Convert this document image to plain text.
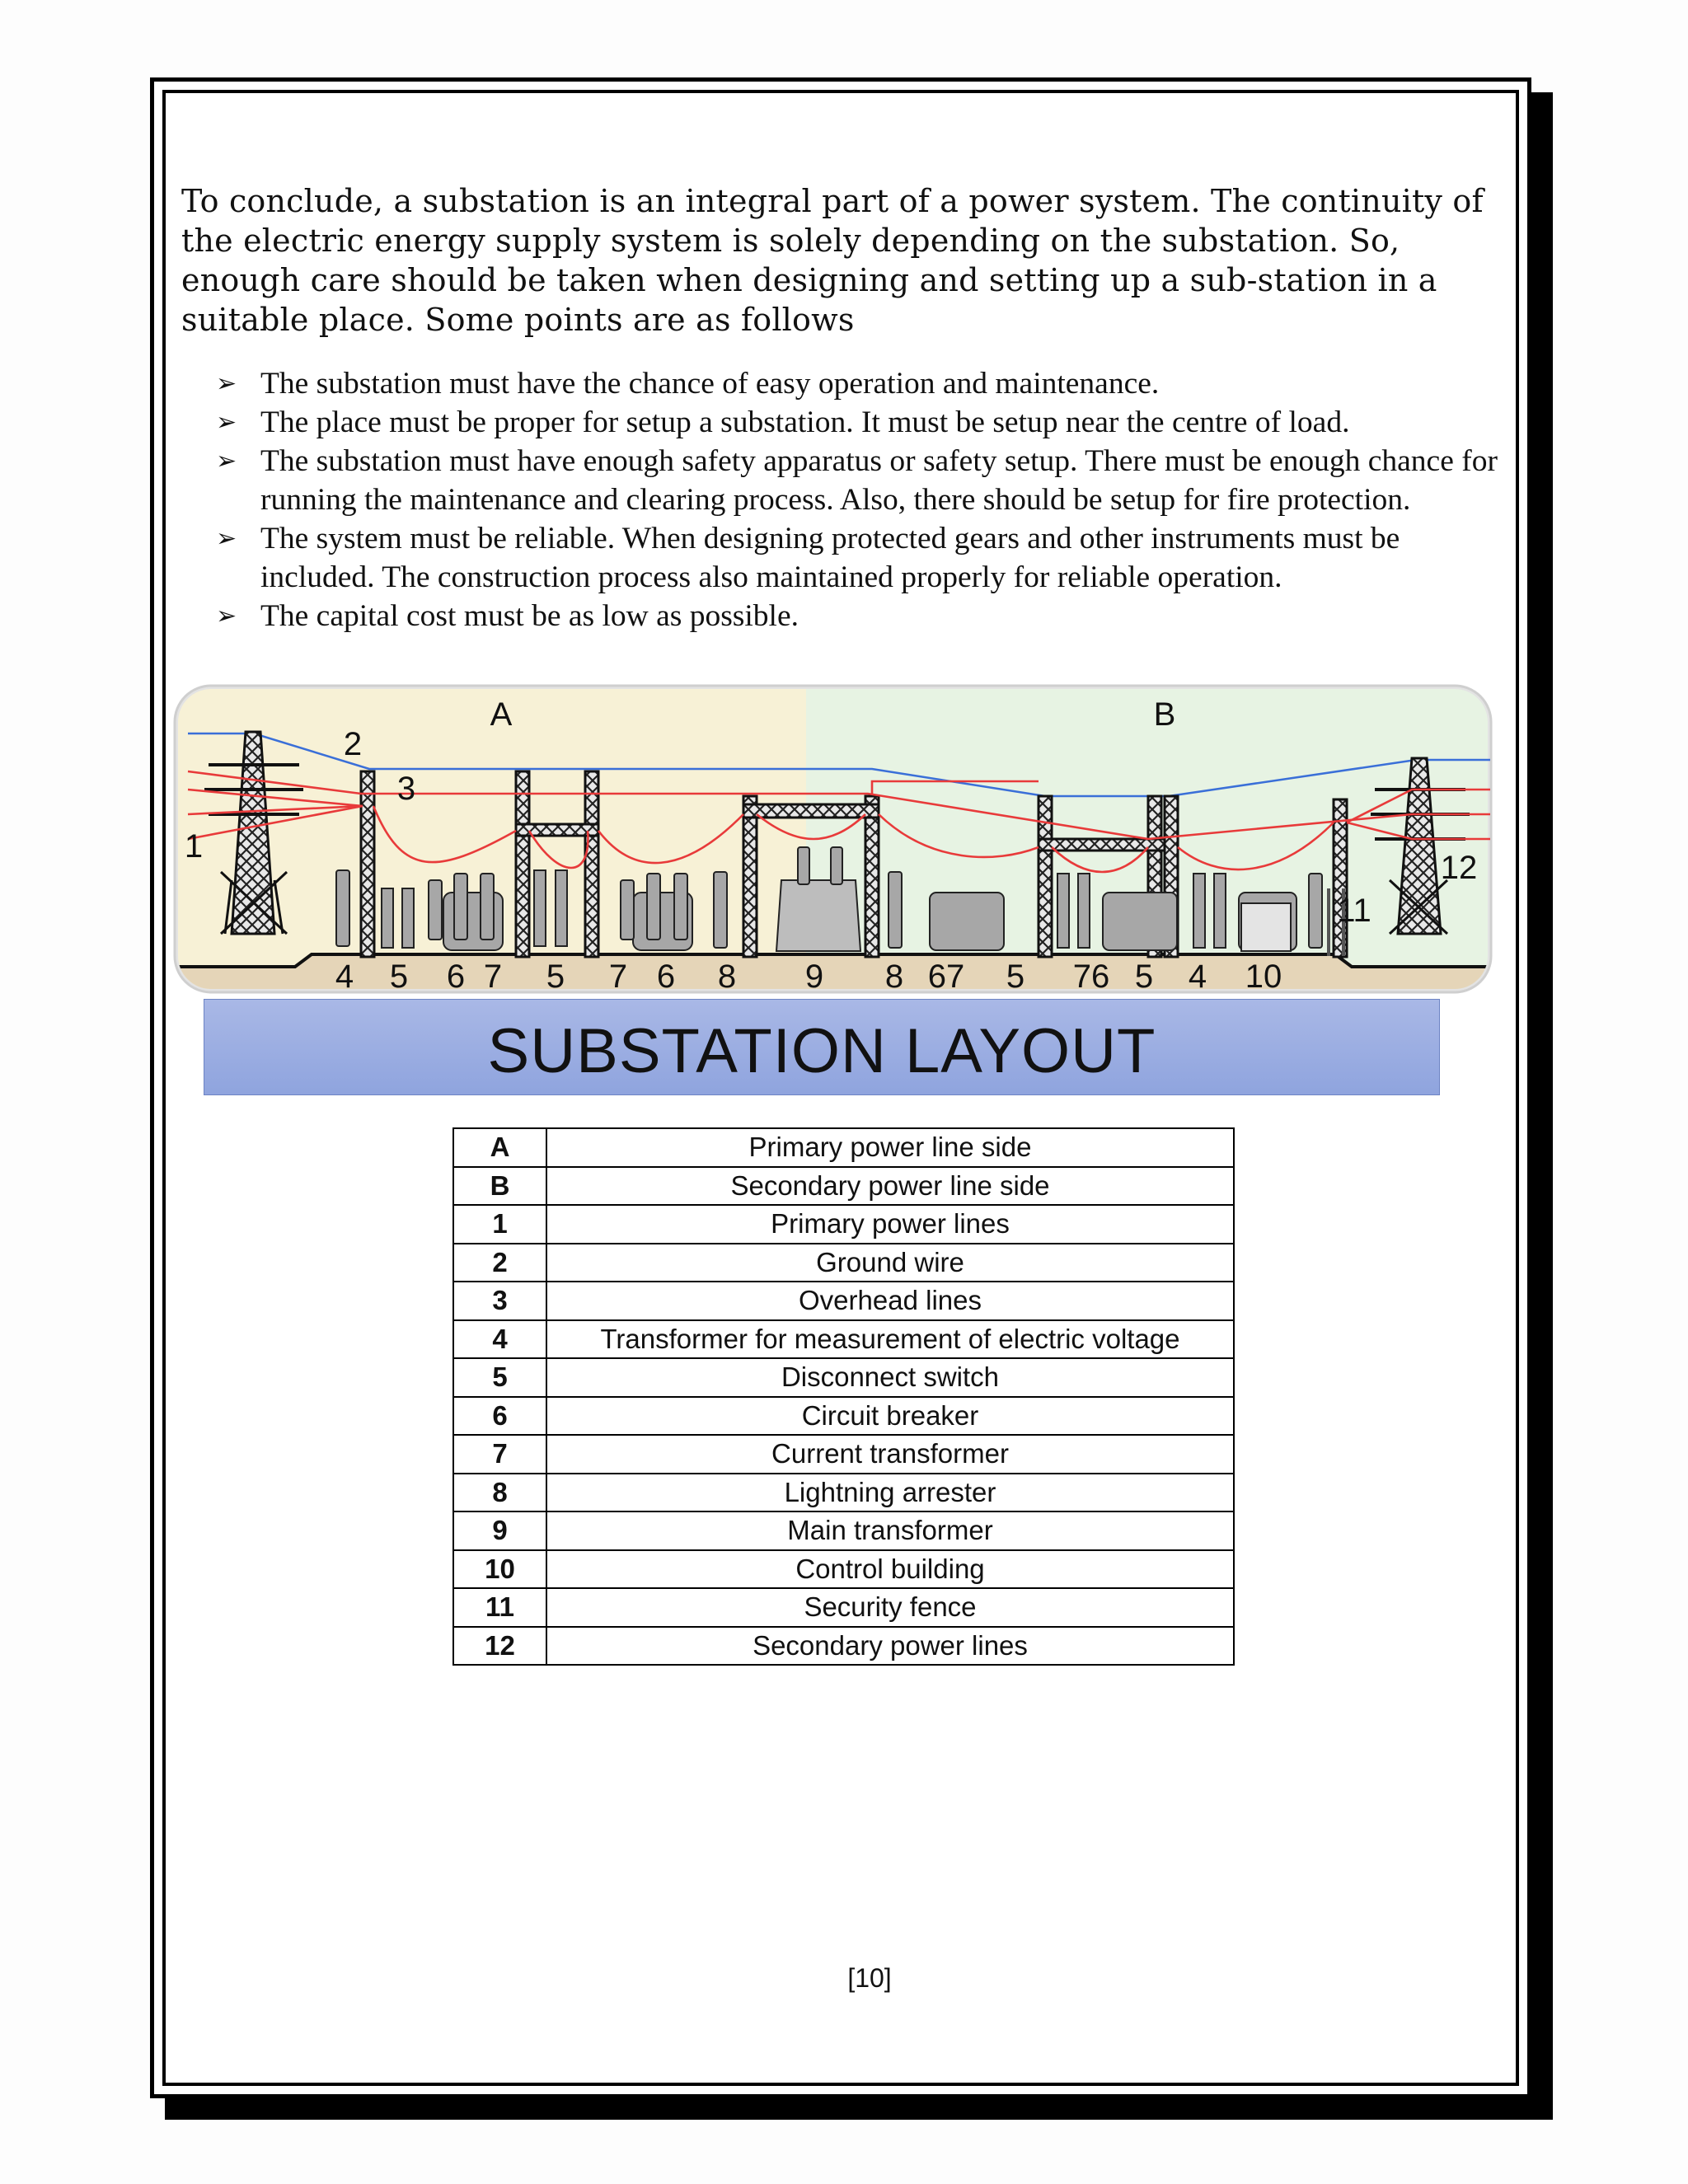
To conclude, a substation is an integral part of a power system. The continuity of the electric energy supply system is solely depending on the substation. So, enough care should be taken when designing and setting up a sub-station in a suitable place. Some points are as follows

➢ The substation must have the chance of easy operation and maintenance.
➢ The place must be proper for setup a substation. It must be setup near the centre of load.
➢ The substation must have enough safety apparatus or safety setup. There must be enough chance for running the maintenance and clearing process. Also, there should be setup for fire protection.
➢ The system must be reliable. When designing protected gears and other instruments must be included. The construction process also maintained properly for reliable operation.
➢ The capital cost must be as low as possible.
A	B
1
2
3
11
12
4 5 6 7 5 7 6 8 9 8 67 5 76 5 4 10
SUBSTATION LAYOUT
A	Primary power line side
B	Secondary power line side
1	Primary power lines
2	Ground wire
3	Overhead lines
4	Transformer for measurement of electric voltage
5	Disconnect switch
6	Circuit breaker
7	Current transformer
8	Lightning arrester
9	Main transformer
10	Control building
11	Security fence
12	Secondary power lines
[10]
